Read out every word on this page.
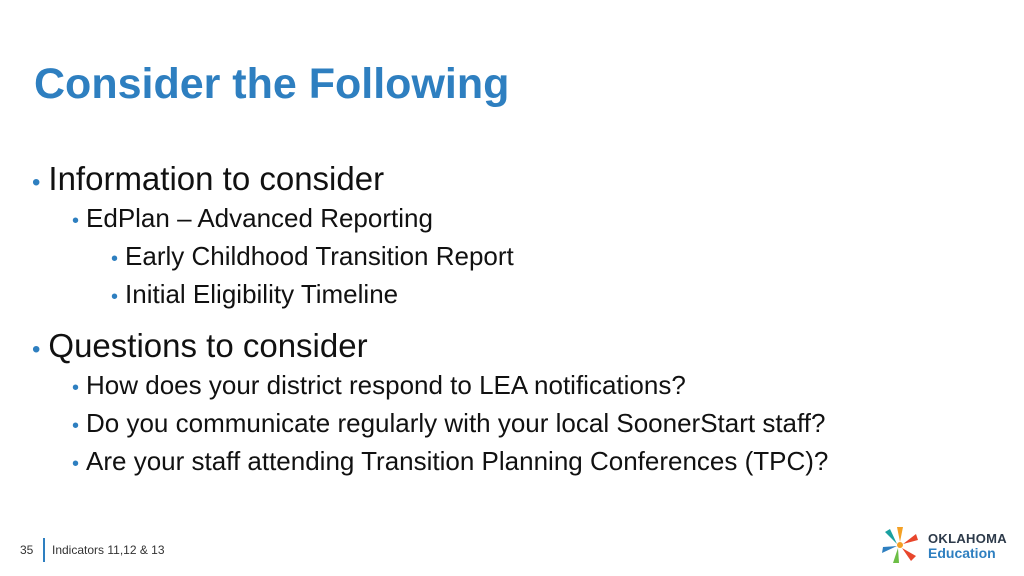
Consider the Following
• Information to consider
• EdPlan – Advanced Reporting
• Early Childhood Transition Report
• Initial Eligibility Timeline
• Questions to consider
• How does your district respond to LEA notifications?
• Do you communicate regularly with your local SoonerStart staff?
• Are your staff attending Transition Planning Conferences (TPC)?
35 Indicators 11,12 & 13
OKLAHOMA
Education
